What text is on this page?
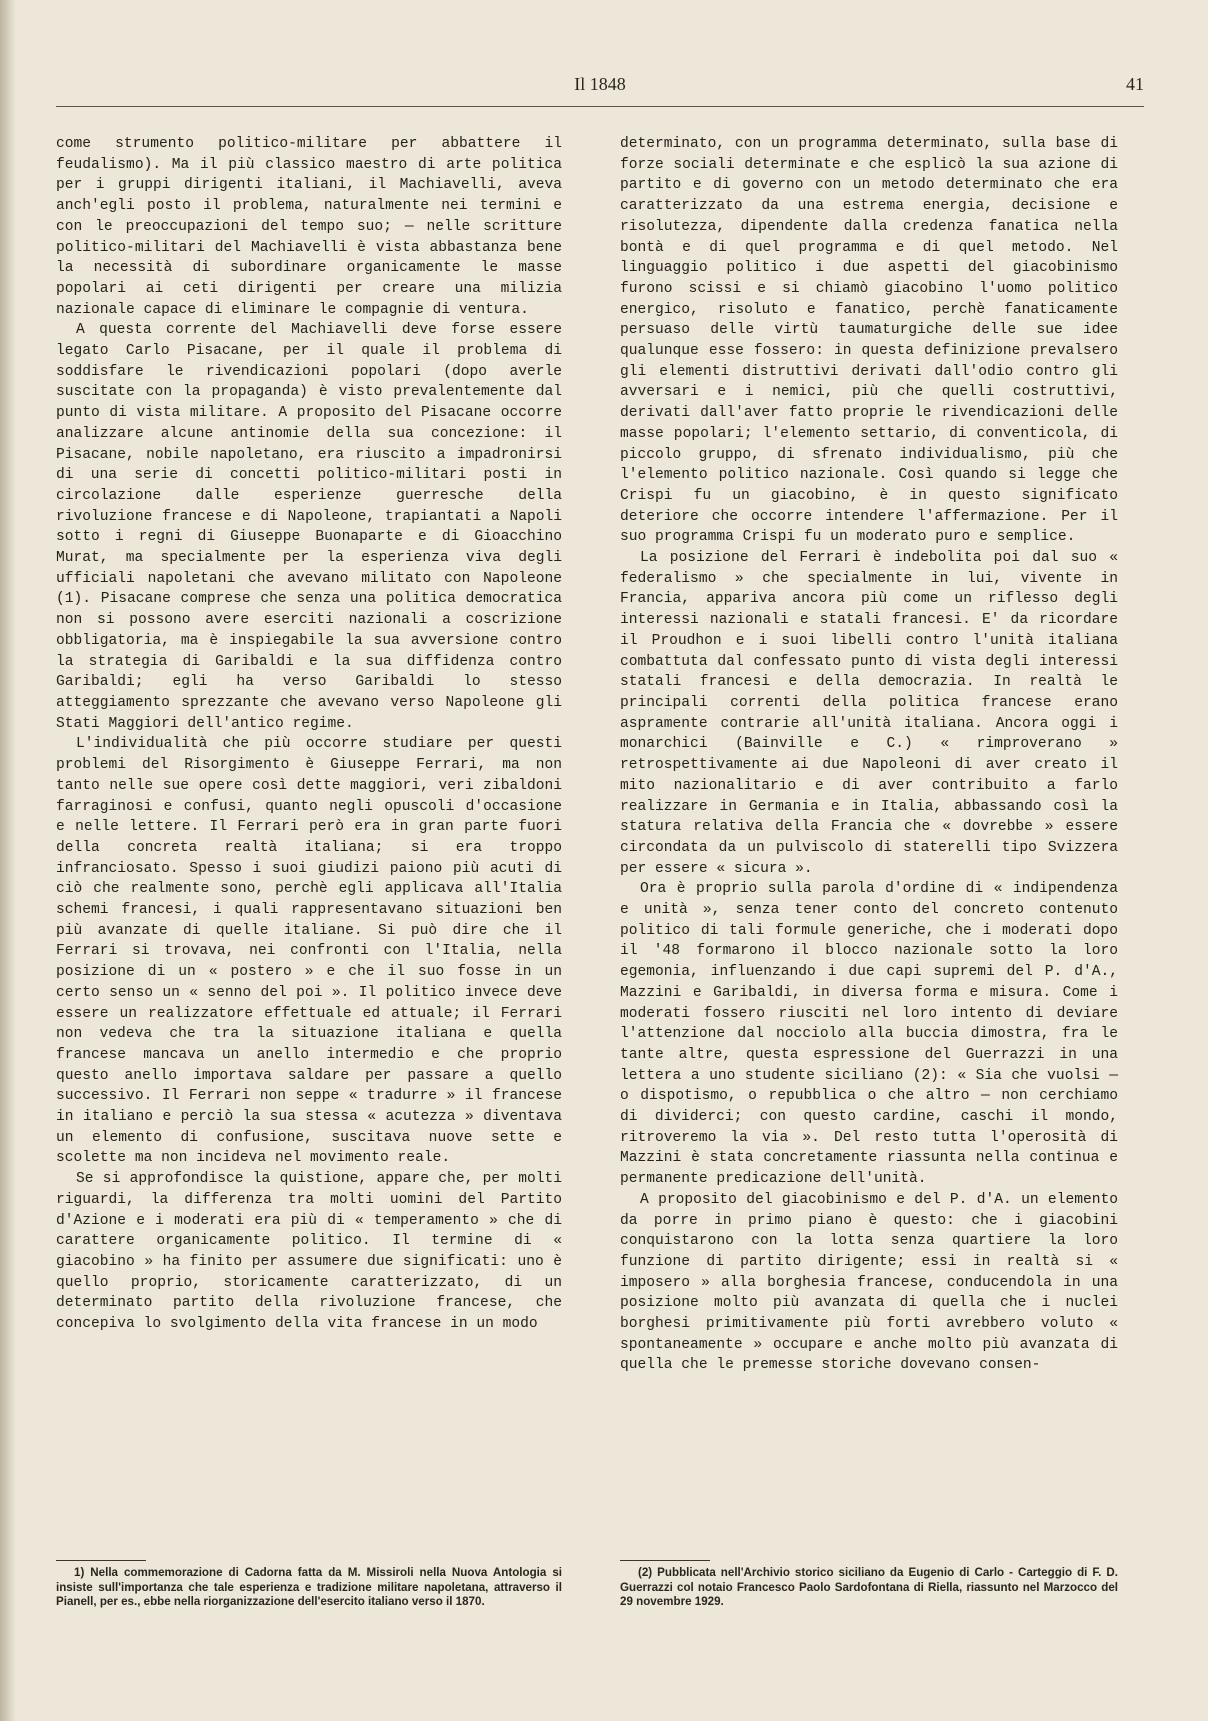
Il 1848	41

come strumento politico-militare per abbattere il feudalismo). Ma il più classico maestro di arte politica per i gruppi dirigenti italiani, il Machiavelli, aveva anch'egli posto il problema, naturalmente nei termini e con le preoccupazioni del tempo suo; — nelle scritture politico-militari del Machiavelli è vista abbastanza bene la necessità di subordinare organicamente le masse popolari ai ceti dirigenti per creare una milizia nazionale capace di eliminare le compagnie di ventura.

A questa corrente del Machiavelli deve forse essere legato Carlo Pisacane, per il quale il problema di soddisfare le rivendicazioni popolari (dopo averle suscitate con la propaganda) è visto prevalentemente dal punto di vista militare. A proposito del Pisacane occorre analizzare alcune antinomie della sua concezione: il Pisacane, nobile napoletano, era riuscito a impadronirsi di una serie di concetti politico-militari posti in circolazione dalle esperienze guerresche della rivoluzione francese e di Napoleone, trapiantati a Napoli sotto i regni di Giuseppe Buonaparte e di Gioacchino Murat, ma specialmente per la esperienza viva degli ufficiali napoletani che avevano militato con Napoleone (1). Pisacane comprese che senza una politica democratica non si possono avere eserciti nazionali a coscrizione obbligatoria, ma è inspiegabile la sua avversione contro la strategia di Garibaldi e la sua diffidenza contro Garibaldi; egli ha verso Garibaldi lo stesso atteggiamento sprezzante che avevano verso Napoleone gli Stati Maggiori dell'antico regime.

L'individualità che più occorre studiare per questi problemi del Risorgimento è Giuseppe Ferrari, ma non tanto nelle sue opere così dette maggiori, veri zibaldoni farraginosi e confusi, quanto negli opuscoli d'occasione e nelle lettere. Il Ferrari però era in gran parte fuori della concreta realtà italiana; si era troppo infranciosato. Spesso i suoi giudizi paiono più acuti di ciò che realmente sono, perchè egli applicava all'Italia schemi francesi, i quali rappresentavano situazioni ben più avanzate di quelle italiane. Si può dire che il Ferrari si trovava, nei confronti con l'Italia, nella posizione di un « postero » e che il suo fosse in un certo senso un « senno del poi ». Il politico invece deve essere un realizzatore effettuale ed attuale; il Ferrari non vedeva che tra la situazione italiana e quella francese mancava un anello intermedio e che proprio questo anello importava saldare per passare a quello successivo. Il Ferrari non seppe « tradurre » il francese in italiano e perciò la sua stessa « acutezza » diventava un elemento di confusione, suscitava nuove sette e scolette ma non incideva nel movimento reale.

Se si approfondisce la quistione, appare che, per molti riguardi, la differenza tra molti uomini del Partito d'Azione e i moderati era più di « temperamento » che di carattere organicamente politico. Il termine di « giacobino » ha finito per assumere due significati: uno è quello proprio, storicamente caratterizzato, di un determinato partito della rivoluzione francese, che concepiva lo svolgimento della vita francese in un modo

determinato, con un programma determinato, sulla base di forze sociali determinate e che esplicò la sua azione di partito e di governo con un metodo determinato che era caratterizzato da una estrema energia, decisione e risolutezza, dipendente dalla credenza fanatica nella bontà e di quel programma e di quel metodo. Nel linguaggio politico i due aspetti del giacobinismo furono scissi e si chiamò giacobino l'uomo politico energico, risoluto e fanatico, perchè fanaticamente persuaso delle virtù taumaturgiche delle sue idee qualunque esse fossero: in questa definizione prevalsero gli elementi distruttivi derivati dall'odio contro gli avversari e i nemici, più che quelli costruttivi, derivati dall'aver fatto proprie le rivendicazioni delle masse popolari; l'elemento settario, di conventicola, di piccolo gruppo, di sfrenato individualismo, più che l'elemento politico nazionale. Così quando si legge che Crispi fu un giacobino, è in questo significato deteriore che occorre intendere l'affermazione. Per il suo programma Crispi fu un moderato puro e semplice.

La posizione del Ferrari è indebolita poi dal suo « federalismo » che specialmente in lui, vivente in Francia, appariva ancora più come un riflesso degli interessi nazionali e statali francesi. E' da ricordare il Proudhon e i suoi libelli contro l'unità italiana combattuta dal confessato punto di vista degli interessi statali francesi e della democrazia. In realtà le principali correnti della politica francese erano aspramente contrarie all'unità italiana. Ancora oggi i monarchici (Bainville e C.) « rimproverano » retrospettivamente ai due Napoleoni di aver creato il mito nazionalitario e di aver contribuito a farlo realizzare in Germania e in Italia, abbassando così la statura relativa della Francia che « dovrebbe » essere circondata da un pulviscolo di staterelli tipo Svizzera per essere « sicura ».

Ora è proprio sulla parola d'ordine di « indipendenza e unità », senza tener conto del concreto contenuto politico di tali formule generiche, che i moderati dopo il '48 formarono il blocco nazionale sotto la loro egemonia, influenzando i due capi supremi del P. d'A., Mazzini e Garibaldi, in diversa forma e misura. Come i moderati fossero riusciti nel loro intento di deviare l'attenzione dal nocciolo alla buccia dimostra, fra le tante altre, questa espressione del Guerrazzi in una lettera a uno studente siciliano (2): « Sia che vuolsi — o dispotismo, o repubblica o che altro — non cerchiamo di dividerci; con questo cardine, caschi il mondo, ritroveremo la via ». Del resto tutta l'operosità di Mazzini è stata concretamente riassunta nella continua e permanente predicazione dell'unità.

A proposito del giacobinismo e del P. d'A. un elemento da porre in primo piano è questo: che i giacobini conquistarono con la lotta senza quartiere la loro funzione di partito dirigente; essi in realtà si « imposero » alla borghesia francese, conducendola in una posizione molto più avanzata di quella che i nuclei borghesi primitivamente più forti avrebbero voluto « spontaneamente » occupare e anche molto più avanzata di quella che le premesse storiche dovevano consen-

1) Nella commemorazione di Cadorna fatta da M. Missiroli nella Nuova Antologia si insiste sull'importanza che tale esperienza e tradizione militare napoletana, attraverso il Pianell, per es., ebbe nella riorganizzazione dell'esercito italiano verso il 1870.

(2) Pubblicata nell'Archivio storico siciliano da Eugenio di Carlo - Carteggio di F. D. Guerrazzi col notaio Francesco Paolo Sardofontana di Riella, riassunto nel Marzocco del 29 novembre 1929.
